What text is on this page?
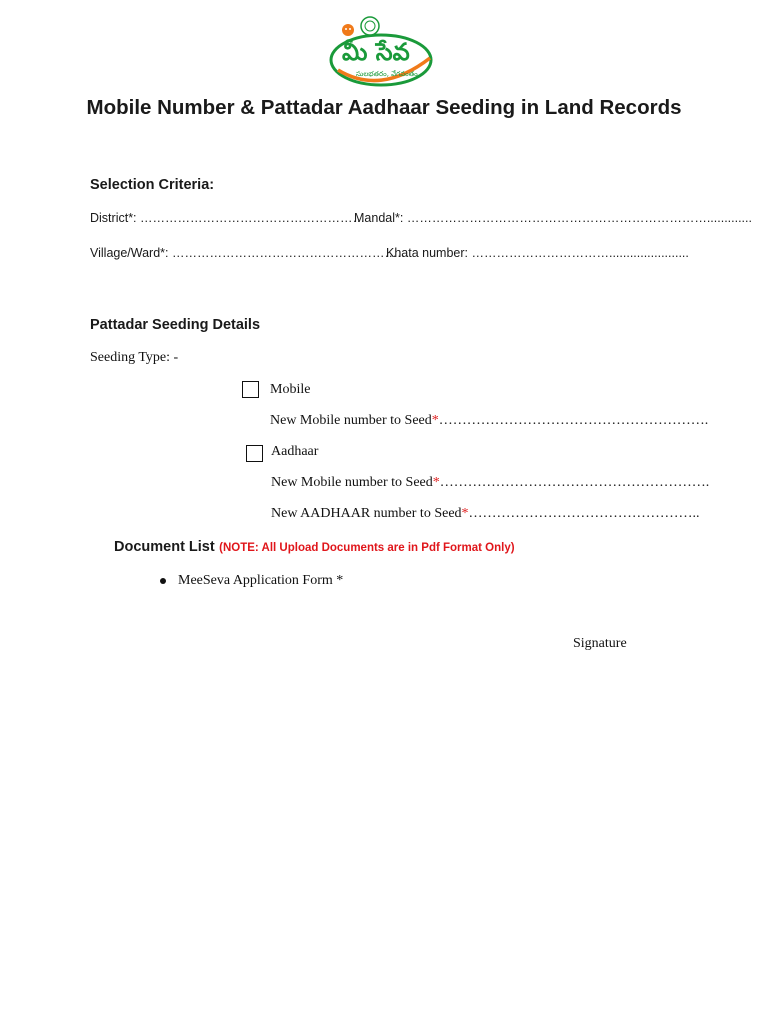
మీ సేవ
సులభతరం, వేగవంతం
Mobile Number & Pattadar Aadhaar Seeding in Land Records
Selection Criteria:
District*: ………………………………………………
Mandal*: ……………………………………………………………….............
Village/Ward*: …………………………………………………
Khata number: …………………………….......................
Pattadar Seeding Details
Seeding Type: -
Mobile
New Mobile number to Seed*………………………………………………….
Aadhaar
New Mobile number to Seed*………………………………………………….
New AADHAAR number to Seed*…………………………………………..
Document List (NOTE: All Upload Documents are in Pdf Format Only)
MeeSeva Application Form *
Signature
